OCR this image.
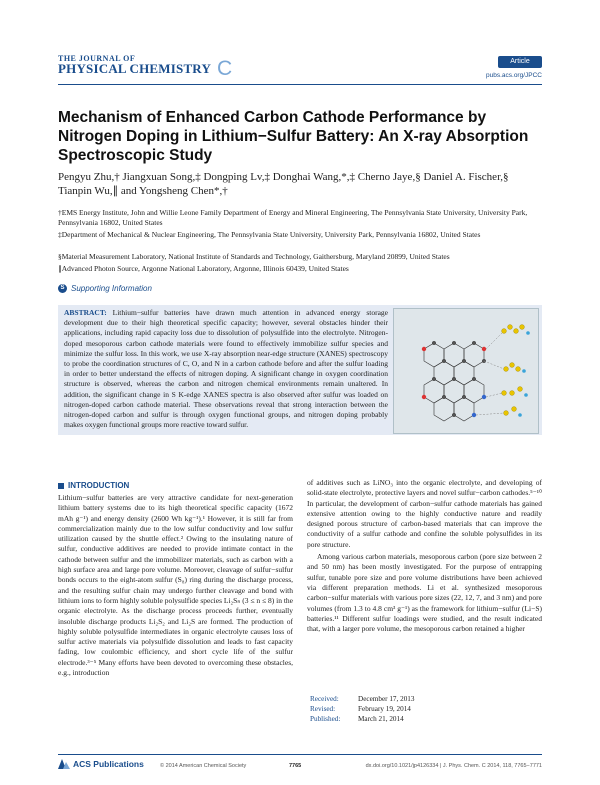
THE JOURNAL OF
PHYSICAL CHEMISTRY C	Article
pubs.acs.org/JPCC
Mechanism of Enhanced Carbon Cathode Performance by Nitrogen Doping in Lithium−Sulfur Battery: An X-ray Absorption Spectroscopic Study
Pengyu Zhu,† Jiangxuan Song,‡ Dongping Lv,‡ Donghai Wang,*,‡ Cherno Jaye,§ Daniel A. Fischer,§ Tianpin Wu,∥ and Yongsheng Chen*,†
†EMS Energy Institute, John and Willie Leone Family Department of Energy and Mineral Engineering, The Pennsylvania State University, University Park, Pennsylvania 16802, United States
‡Department of Mechanical & Nuclear Engineering, The Pennsylvania State University, University Park, Pennsylvania 16802, United States
§Material Measurement Laboratory, National Institute of Standards and Technology, Gaithersburg, Maryland 20899, United States
∥Advanced Photon Source, Argonne National Laboratory, Argonne, Illinois 60439, United States
S Supporting Information
ABSTRACT: Lithium−sulfur batteries have drawn much attention in advanced energy storage development due to their high theoretical specific capacity; however, several obstacles hinder their applications, including rapid capacity loss due to dissolution of polysulfide into the electrolyte. Nitrogen-doped mesoporous carbon cathode materials were found to effectively immobilize sulfur species and minimize the sulfur loss. In this work, we use X-ray absorption near-edge structure (XANES) spectroscopy to probe the coordination structures of C, O, and N in a carbon cathode before and after the sulfur loading in order to better understand the effects of nitrogen doping. A significant change in oxygen coordination structure is observed, whereas the carbon and nitrogen chemical environments remain unaltered. In addition, the significant change in S K-edge XANES spectra is also observed after sulfur was loaded on nitrogen-doped carbon cathode material. These observations reveal that strong interaction between the nitrogen-doped carbon and sulfur is through oxygen functional groups, and nitrogen doping probably makes oxygen functional groups more reactive toward sulfur.
INTRODUCTION

Lithium−sulfur batteries are very attractive candidate for next-generation lithium battery systems due to its high theoretical specific capacity (1672 mAh g⁻¹) and energy density (2600 Wh kg⁻¹).¹ However, it is still far from commercialization mainly due to the low sulfur conductivity and low sulfur utilization caused by the shuttle effect.² Owing to the insulating nature of sulfur, conductive additives are needed to provide intimate contact in the cathode between sulfur and the immobilizer materials, such as carbon with a high surface area and large pore volume. Moreover, cleavage of sulfur−sulfur bonds occurs to the eight-atom sulfur (S₈) ring during the discharge process, and the resulting sulfur chain may undergo further cleavage and bond with lithium ions to form highly soluble polysulfide species Li₂Sₙ (3 ≤ n ≤ 8) in the organic electrolyte. As the discharge process proceeds further, eventually insoluble discharge products Li₂S₂ and Li₂S are formed. The production of highly soluble polysulfide intermediates in organic electrolyte causes loss of sulfur active materials via polysulfide dissolution and leads to fast capacity fading, low coulombic efficiency, and short cycle life of the sulfur electrode.³⁻⁵ Many efforts have been devoted to overcoming these obstacles, e.g., introduction

of additives such as LiNO₃ into the organic electrolyte, and developing of solid-state electrolyte, protective layers and novel sulfur−carbon cathodes.⁵⁻¹⁰ In particular, the development of carbon−sulfur cathode materials has gained extensive attention owing to the highly conductive nature and readily designed porous structure of carbon-based materials that can improve the conductivity of a sulfur cathode and confine the soluble polysulfides in its pore structure.

Among various carbon materials, mesoporous carbon (pore size between 2 and 50 nm) has been mostly investigated. For the purpose of entrapping sulfur, tunable pore size and pore volume distributions have been achieved via different preparation methods. Li et al. synthesized mesoporous carbon−sulfur materials with various pore sizes (22, 12, 7, and 3 nm) and pore volumes (from 1.3 to 4.8 cm³ g⁻¹) as the framework for lithium−sulfur (Li−S) batteries.¹¹ Different sulfur loadings were studied, and the result indicated that, with a larger pore volume, the mesoporous carbon retained a higher

Received:	December 17, 2013
Revised:	February 19, 2014
Published: March 21, 2014
ACS Publications	© 2014 American Chemical Society	7765	dx.doi.org/10.1021/jp4126334 | J. Phys. Chem. C 2014, 118, 7765−7771
